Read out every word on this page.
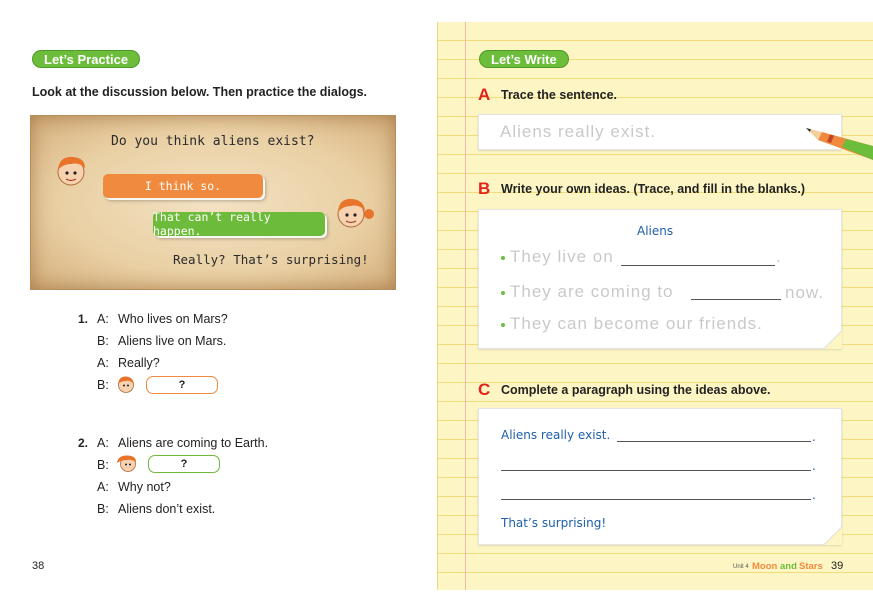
Let’s Practice
Look at the discussion below. Then practice the dialogs.
Do you think aliens exist?
I think so.
That can’t really happen.
Really? That’s surprising!
1. A: Who lives on Mars?
B: Aliens live on Mars.
A: Really?
B:	?
2. A: Aliens are coming to Earth.
B:	?
A: Why not?
B: Aliens don’t exist.
38
Let’s Write
A Trace the sentence.
Aliens really exist.
B Write your own ideas. (Trace, and fill in the blanks.)
Aliens
They live on	.
They are coming to	now.
They can become our friends.
C Complete a paragraph using the ideas above.
Aliens really exist.	.
.
.
That’s surprising!
Unit 4 Moon and Stars 39
